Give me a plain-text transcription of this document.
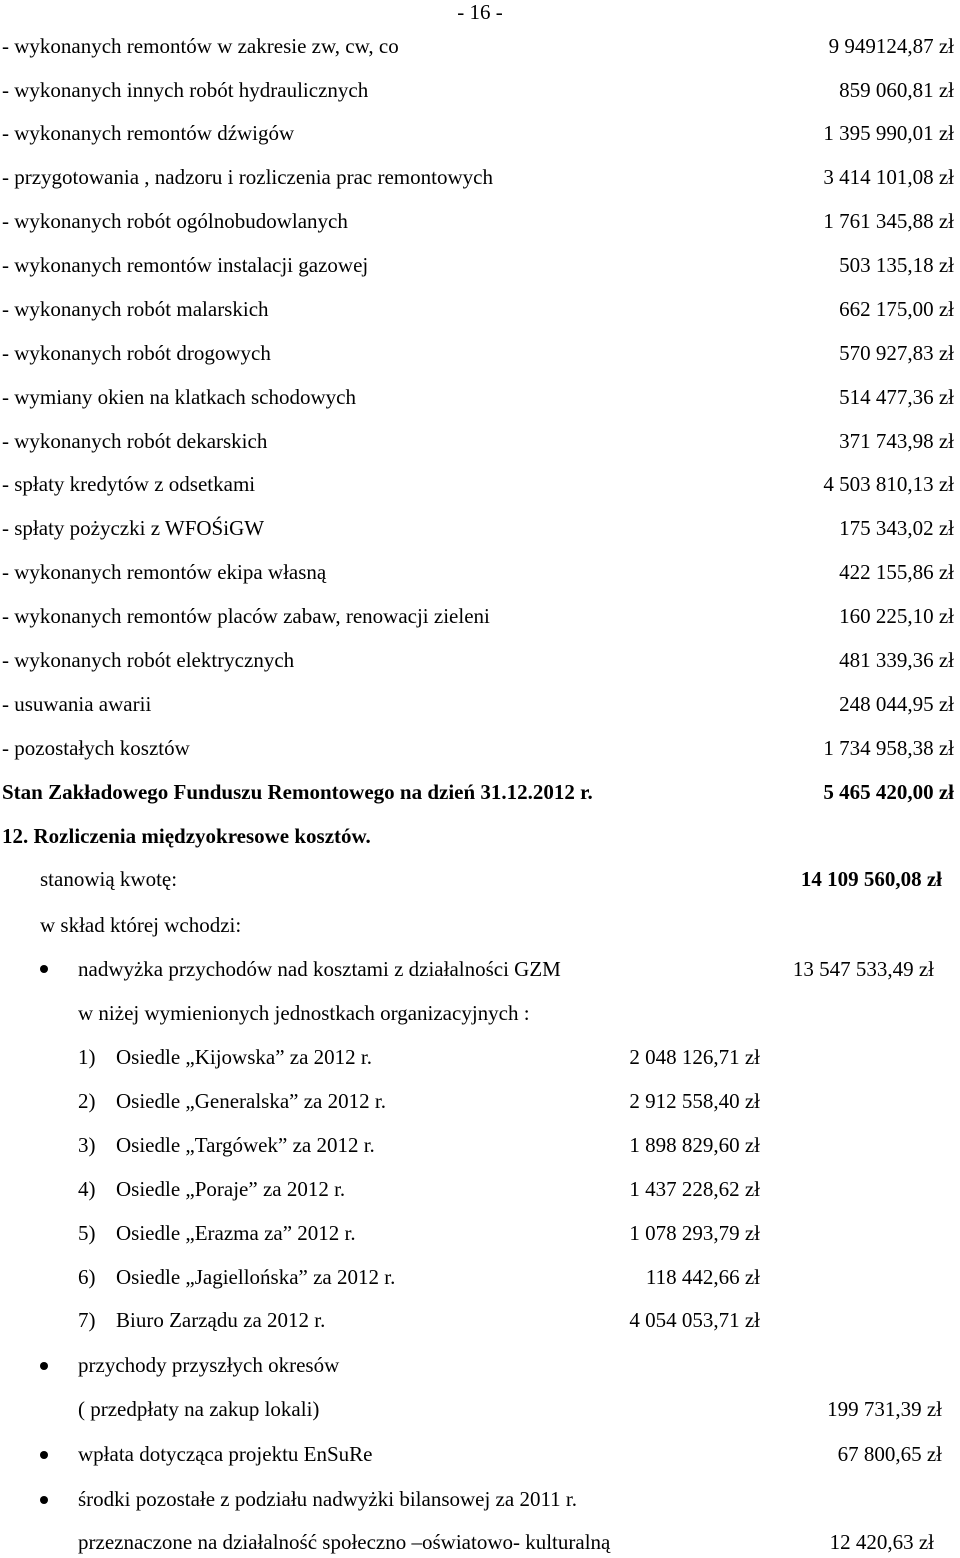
- 16 -
- wykonanych remontów w zakresie zw, cw, co	9 949124,87 zł
- wykonanych innych robót hydraulicznych	859 060,81 zł
- wykonanych remontów dźwigów	1 395 990,01 zł
- przygotowania , nadzoru i rozliczenia prac remontowych	3 414 101,08 zł
- wykonanych robót ogólnobudowlanych	1 761 345,88 zł
- wykonanych remontów instalacji gazowej	503 135,18 zł
- wykonanych robót malarskich	662 175,00 zł
- wykonanych robót drogowych	570 927,83 zł
- wymiany okien na klatkach schodowych	514 477,36 zł
- wykonanych robót dekarskich	371 743,98 zł
- spłaty kredytów z odsetkami	4 503 810,13 zł
- spłaty pożyczki z WFOŚiGW	175 343,02 zł
- wykonanych remontów ekipa własną	422 155,86 zł
- wykonanych remontów placów zabaw, renowacji zieleni	160 225,10 zł
- wykonanych robót elektrycznych	481 339,36 zł
- usuwania awarii	248 044,95 zł
- pozostałych kosztów	1 734 958,38 zł
Stan Zakładowego Funduszu Remontowego na dzień 31.12.2012 r.	5 465 420,00 zł
12. Rozliczenia międzyokresowe kosztów.
stanowią kwotę:	14 109 560,08 zł
w skład której wchodzi:
nadwyżka przychodów nad kosztami z działalności GZM	13 547 533,49 zł
w niżej wymienionych jednostkach organizacyjnych :
1) Osiedle „Kijowska” za 2012 r.	2 048 126,71 zł
2) Osiedle „Generalska” za 2012 r.	2 912 558,40 zł
3) Osiedle „Targówek” za 2012 r.	1 898 829,60 zł
4) Osiedle „Poraje” za 2012 r.	1 437 228,62 zł
5) Osiedle „Erazma za” 2012 r.	1 078 293,79 zł
6) Osiedle „Jagiellońska” za 2012 r.	118 442,66 zł
7) Biuro Zarządu za 2012 r.	4 054 053,71 zł
przychody przyszłych okresów
( przedpłaty na zakup lokali)	199 731,39 zł
wpłata dotycząca projektu EnSuRe	67 800,65 zł
środki pozostałe z podziału nadwyżki bilansowej za 2011 r.
przeznaczone na działalność społeczno –oświatowo- kulturalną	12 420,63 zł
